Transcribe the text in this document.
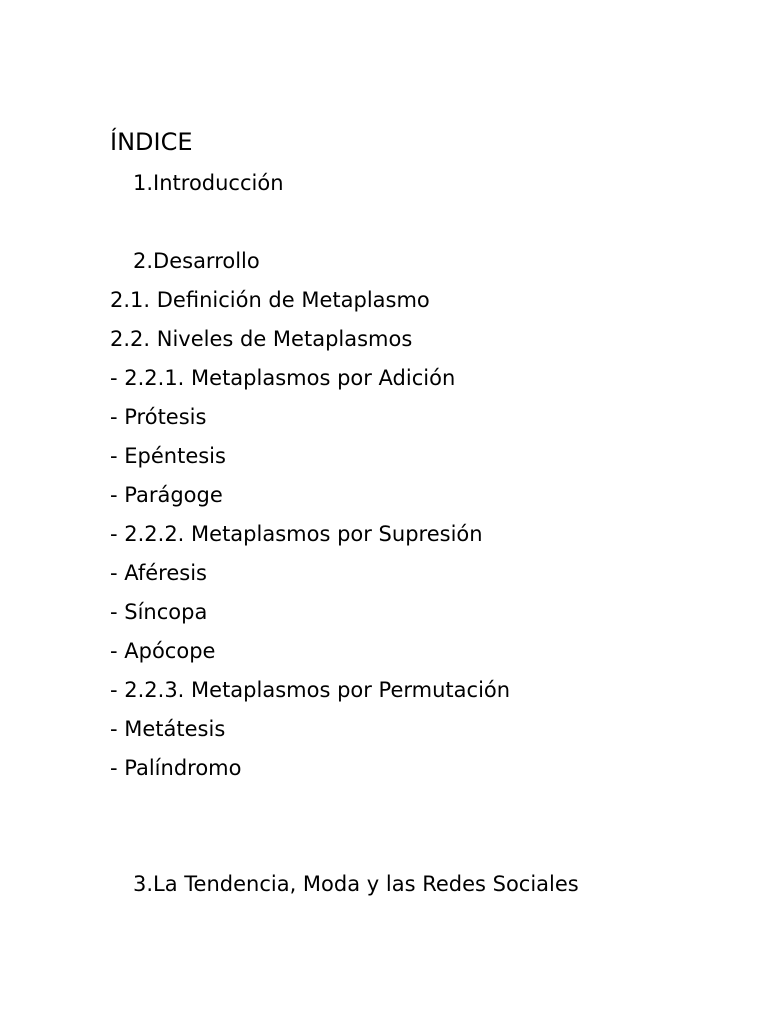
ÍNDICE
1.Introducción
2.Desarrollo
2.1. Definición de Metaplasmo
2.2. Niveles de Metaplasmos
- 2.2.1. Metaplasmos por Adición
- Prótesis
- Epéntesis
- Parágoge
- 2.2.2. Metaplasmos por Supresión
- Aféresis
- Síncopa
- Apócope
- 2.2.3. Metaplasmos por Permutación
- Metátesis
- Palíndromo
3.La Tendencia, Moda y las Redes Sociales
